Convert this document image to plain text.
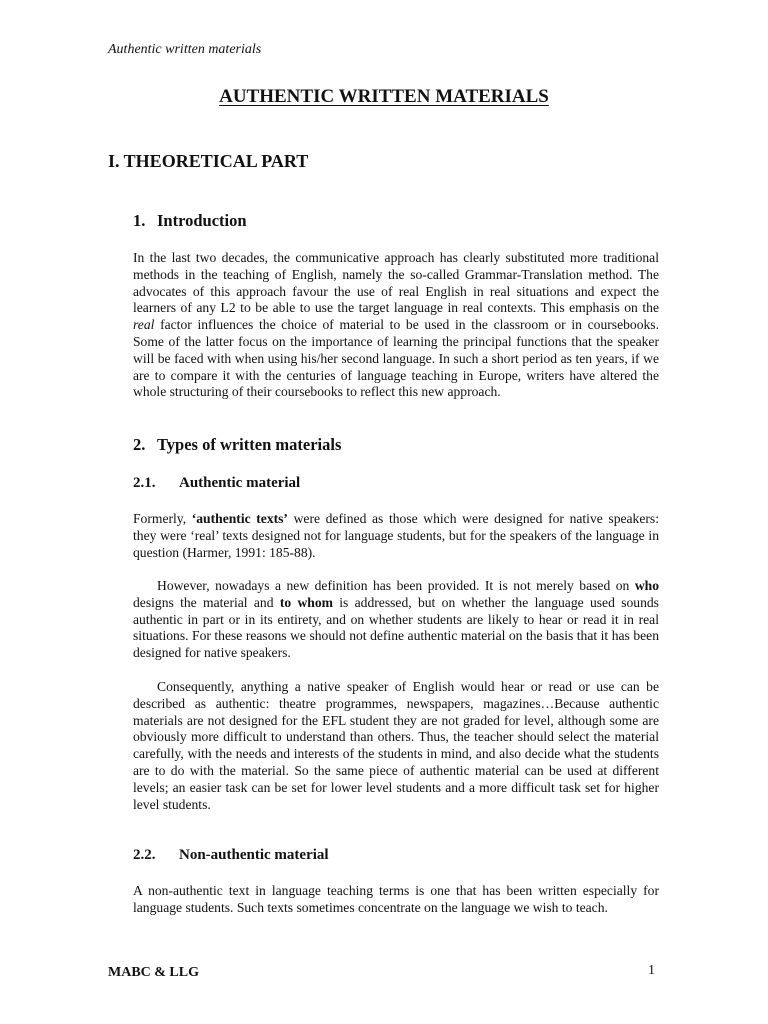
Authentic written materials
AUTHENTIC WRITTEN MATERIALS
I. THEORETICAL PART
1. Introduction
In the last two decades, the communicative approach has clearly substituted more traditional methods in the teaching of English, namely the so-called Grammar-Translation method. The advocates of this approach favour the use of real English in real situations and expect the learners of any L2 to be able to use the target language in real contexts. This emphasis on the real factor influences the choice of material to be used in the classroom or in coursebooks. Some of the latter focus on the importance of learning the principal functions that the speaker will be faced with when using his/her second language. In such a short period as ten years, if we are to compare it with the centuries of language teaching in Europe, writers have altered the whole structuring of their coursebooks to reflect this new approach.
2. Types of written materials
2.1. Authentic material
Formerly, ‘authentic texts’ were defined as those which were designed for native speakers: they were ‘real’ texts designed not for language students, but for the speakers of the language in question (Harmer, 1991: 185-88).
However, nowadays a new definition has been provided. It is not merely based on who designs the material and to whom is addressed, but on whether the language used sounds authentic in part or in its entirety, and on whether students are likely to hear or read it in real situations. For these reasons we should not define authentic material on the basis that it has been designed for native speakers.
Consequently, anything a native speaker of English would hear or read or use can be described as authentic: theatre programmes, newspapers, magazines…Because authentic materials are not designed for the EFL student they are not graded for level, although some are obviously more difficult to understand than others. Thus, the teacher should select the material carefully, with the needs and interests of the students in mind, and also decide what the students are to do with the material. So the same piece of authentic material can be used at different levels; an easier task can be set for lower level students and a more difficult task set for higher level students.
2.2. Non-authentic material
A non-authentic text in language teaching terms is one that has been written especially for language students. Such texts sometimes concentrate on the language we wish to teach.
MABC & LLG	1
